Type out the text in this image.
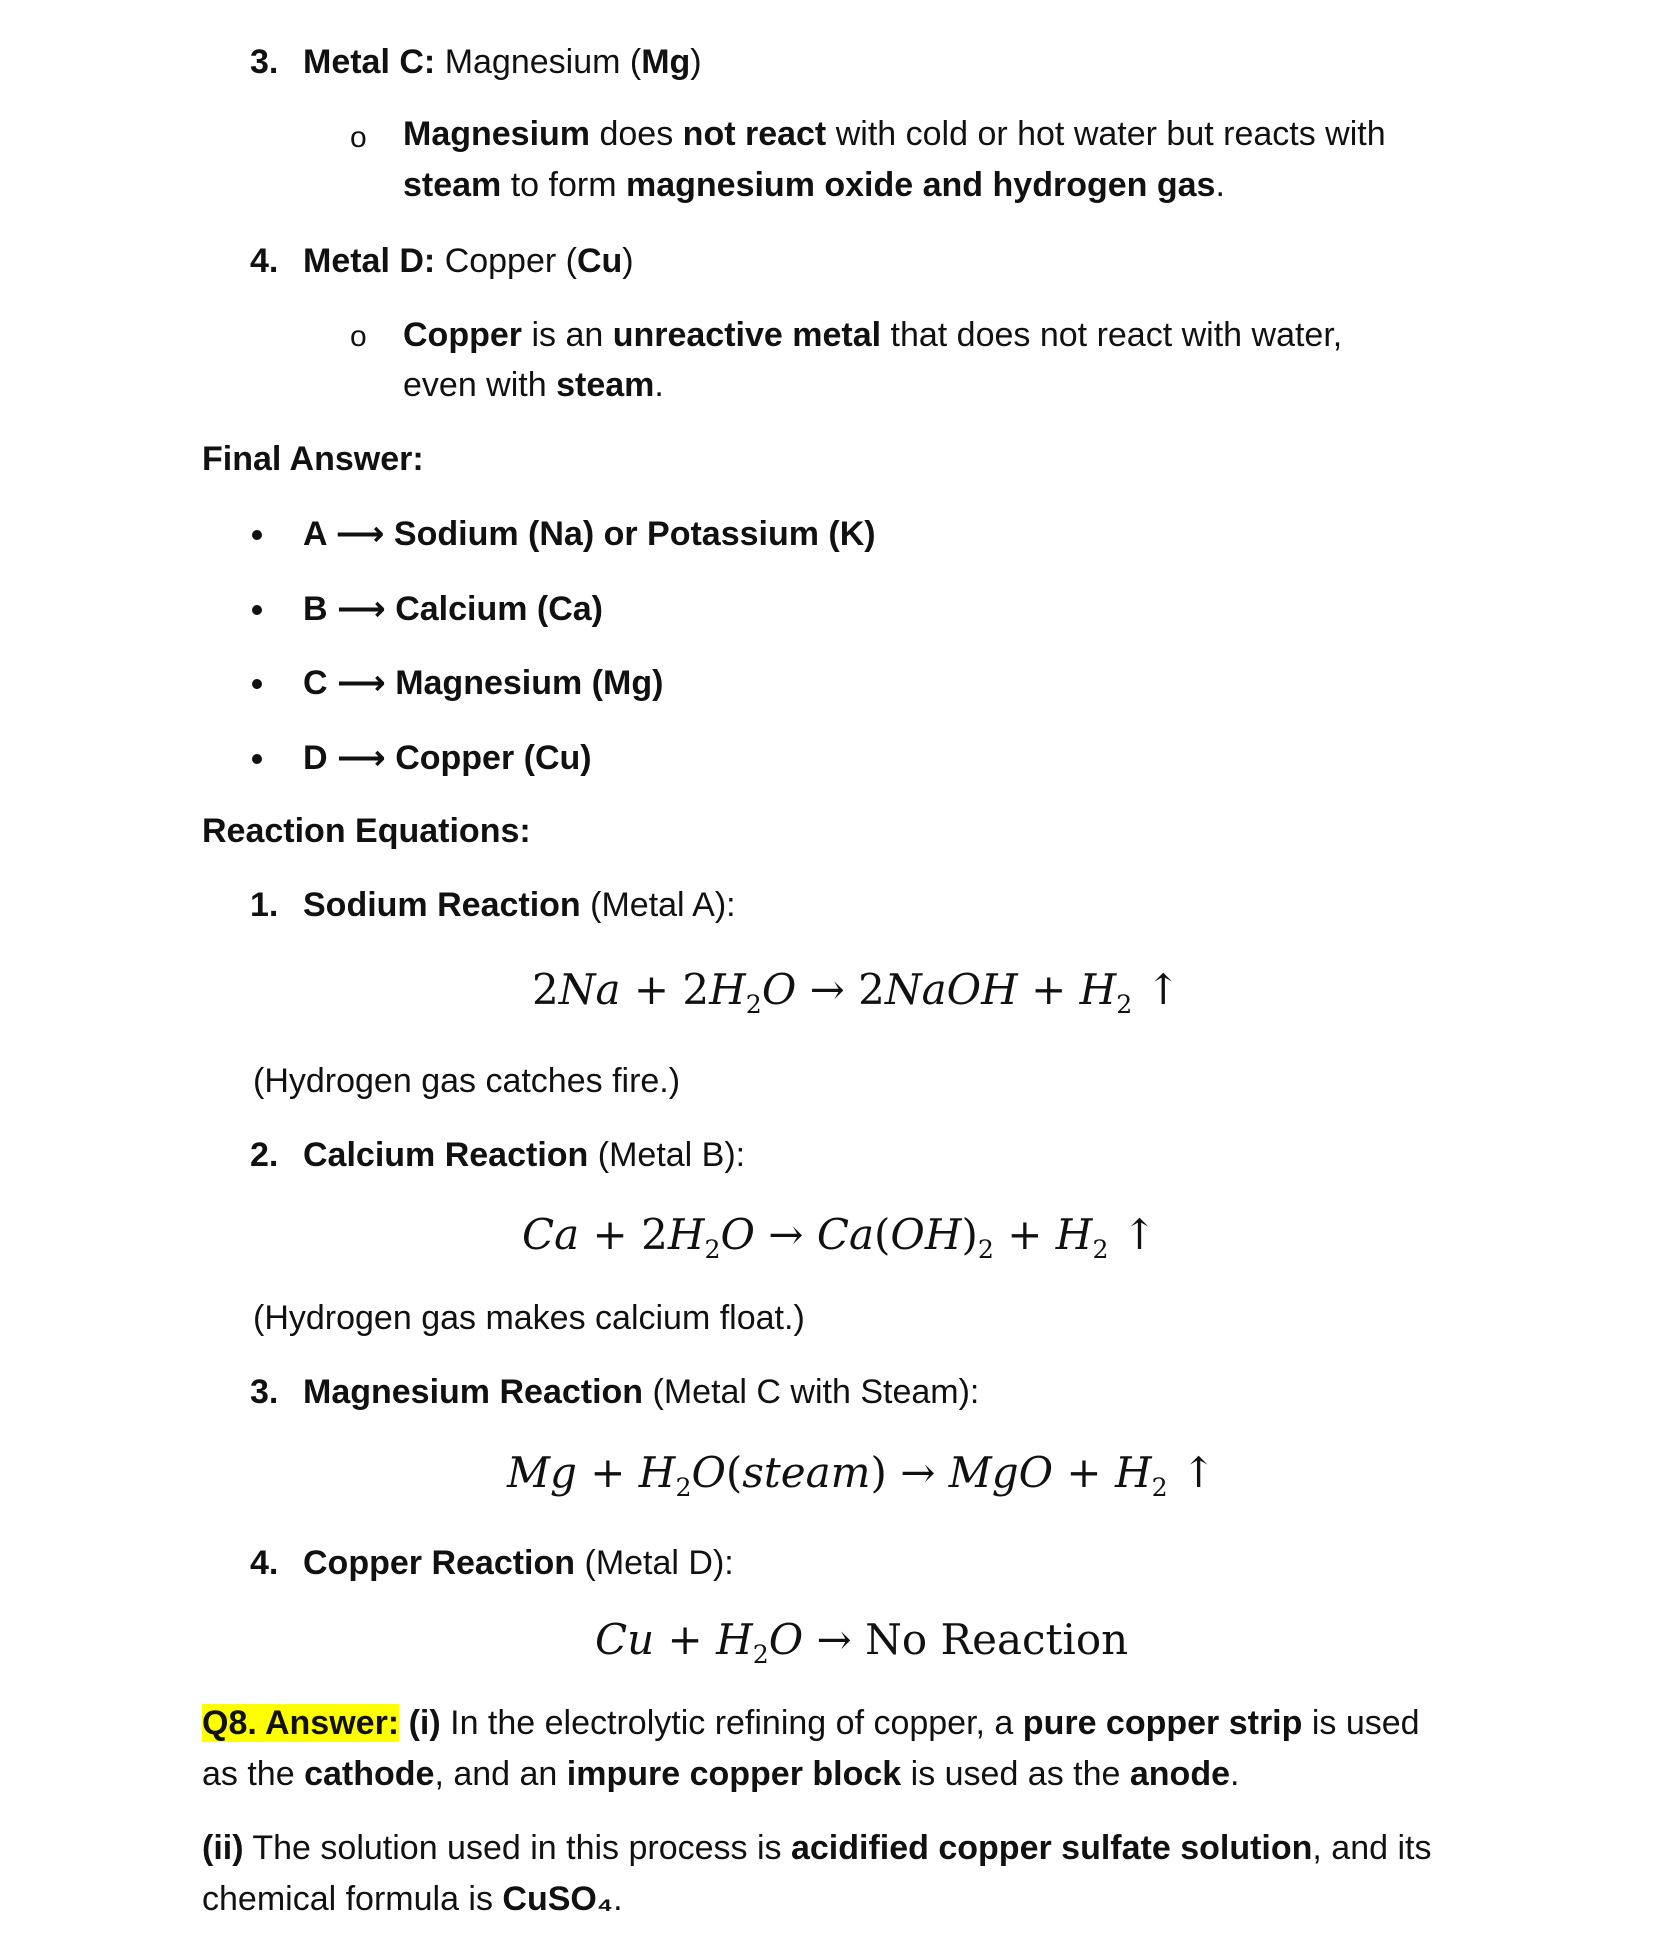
3. Metal C: Magnesium (Mg)
o Magnesium does not react with cold or hot water but reacts with
steam to form magnesium oxide and hydrogen gas.
4. Metal D: Copper (Cu)
o Copper is an unreactive metal that does not react with water,
even with steam.
Final Answer:
A ⟶ Sodium (Na) or Potassium (K)
B ⟶ Calcium (Ca)
C ⟶ Magnesium (Mg)
D ⟶ Copper (Cu)
Reaction Equations:
1. Sodium Reaction (Metal A):
$2Na + 2H_2O$ → 2NaOH + $H_2$ ↑
(Hydrogen gas catches fire.)
2. Calcium Reaction (Metal B):
$Ca + 2H_2O \to Ca(OH)_2 + H_2$ ↑
(Hydrogen gas makes calcium float.)
3. Magnesium Reaction (Metal C with Steam):
$Mg + H_2O(steam)$ → MgO + $H_2$ ↑
4. Copper Reaction (Metal D):
$Cu + H_2O \to No$ Reaction
Q8. Answer: (i) In the electrolytic refining of copper, a pure copper strip is used
as the cathode, and an impure copper block is used as the anode.
(ii) The solution used in this process is acidified copper sulfate solution, and its
chemical formula is CuSO₄.
